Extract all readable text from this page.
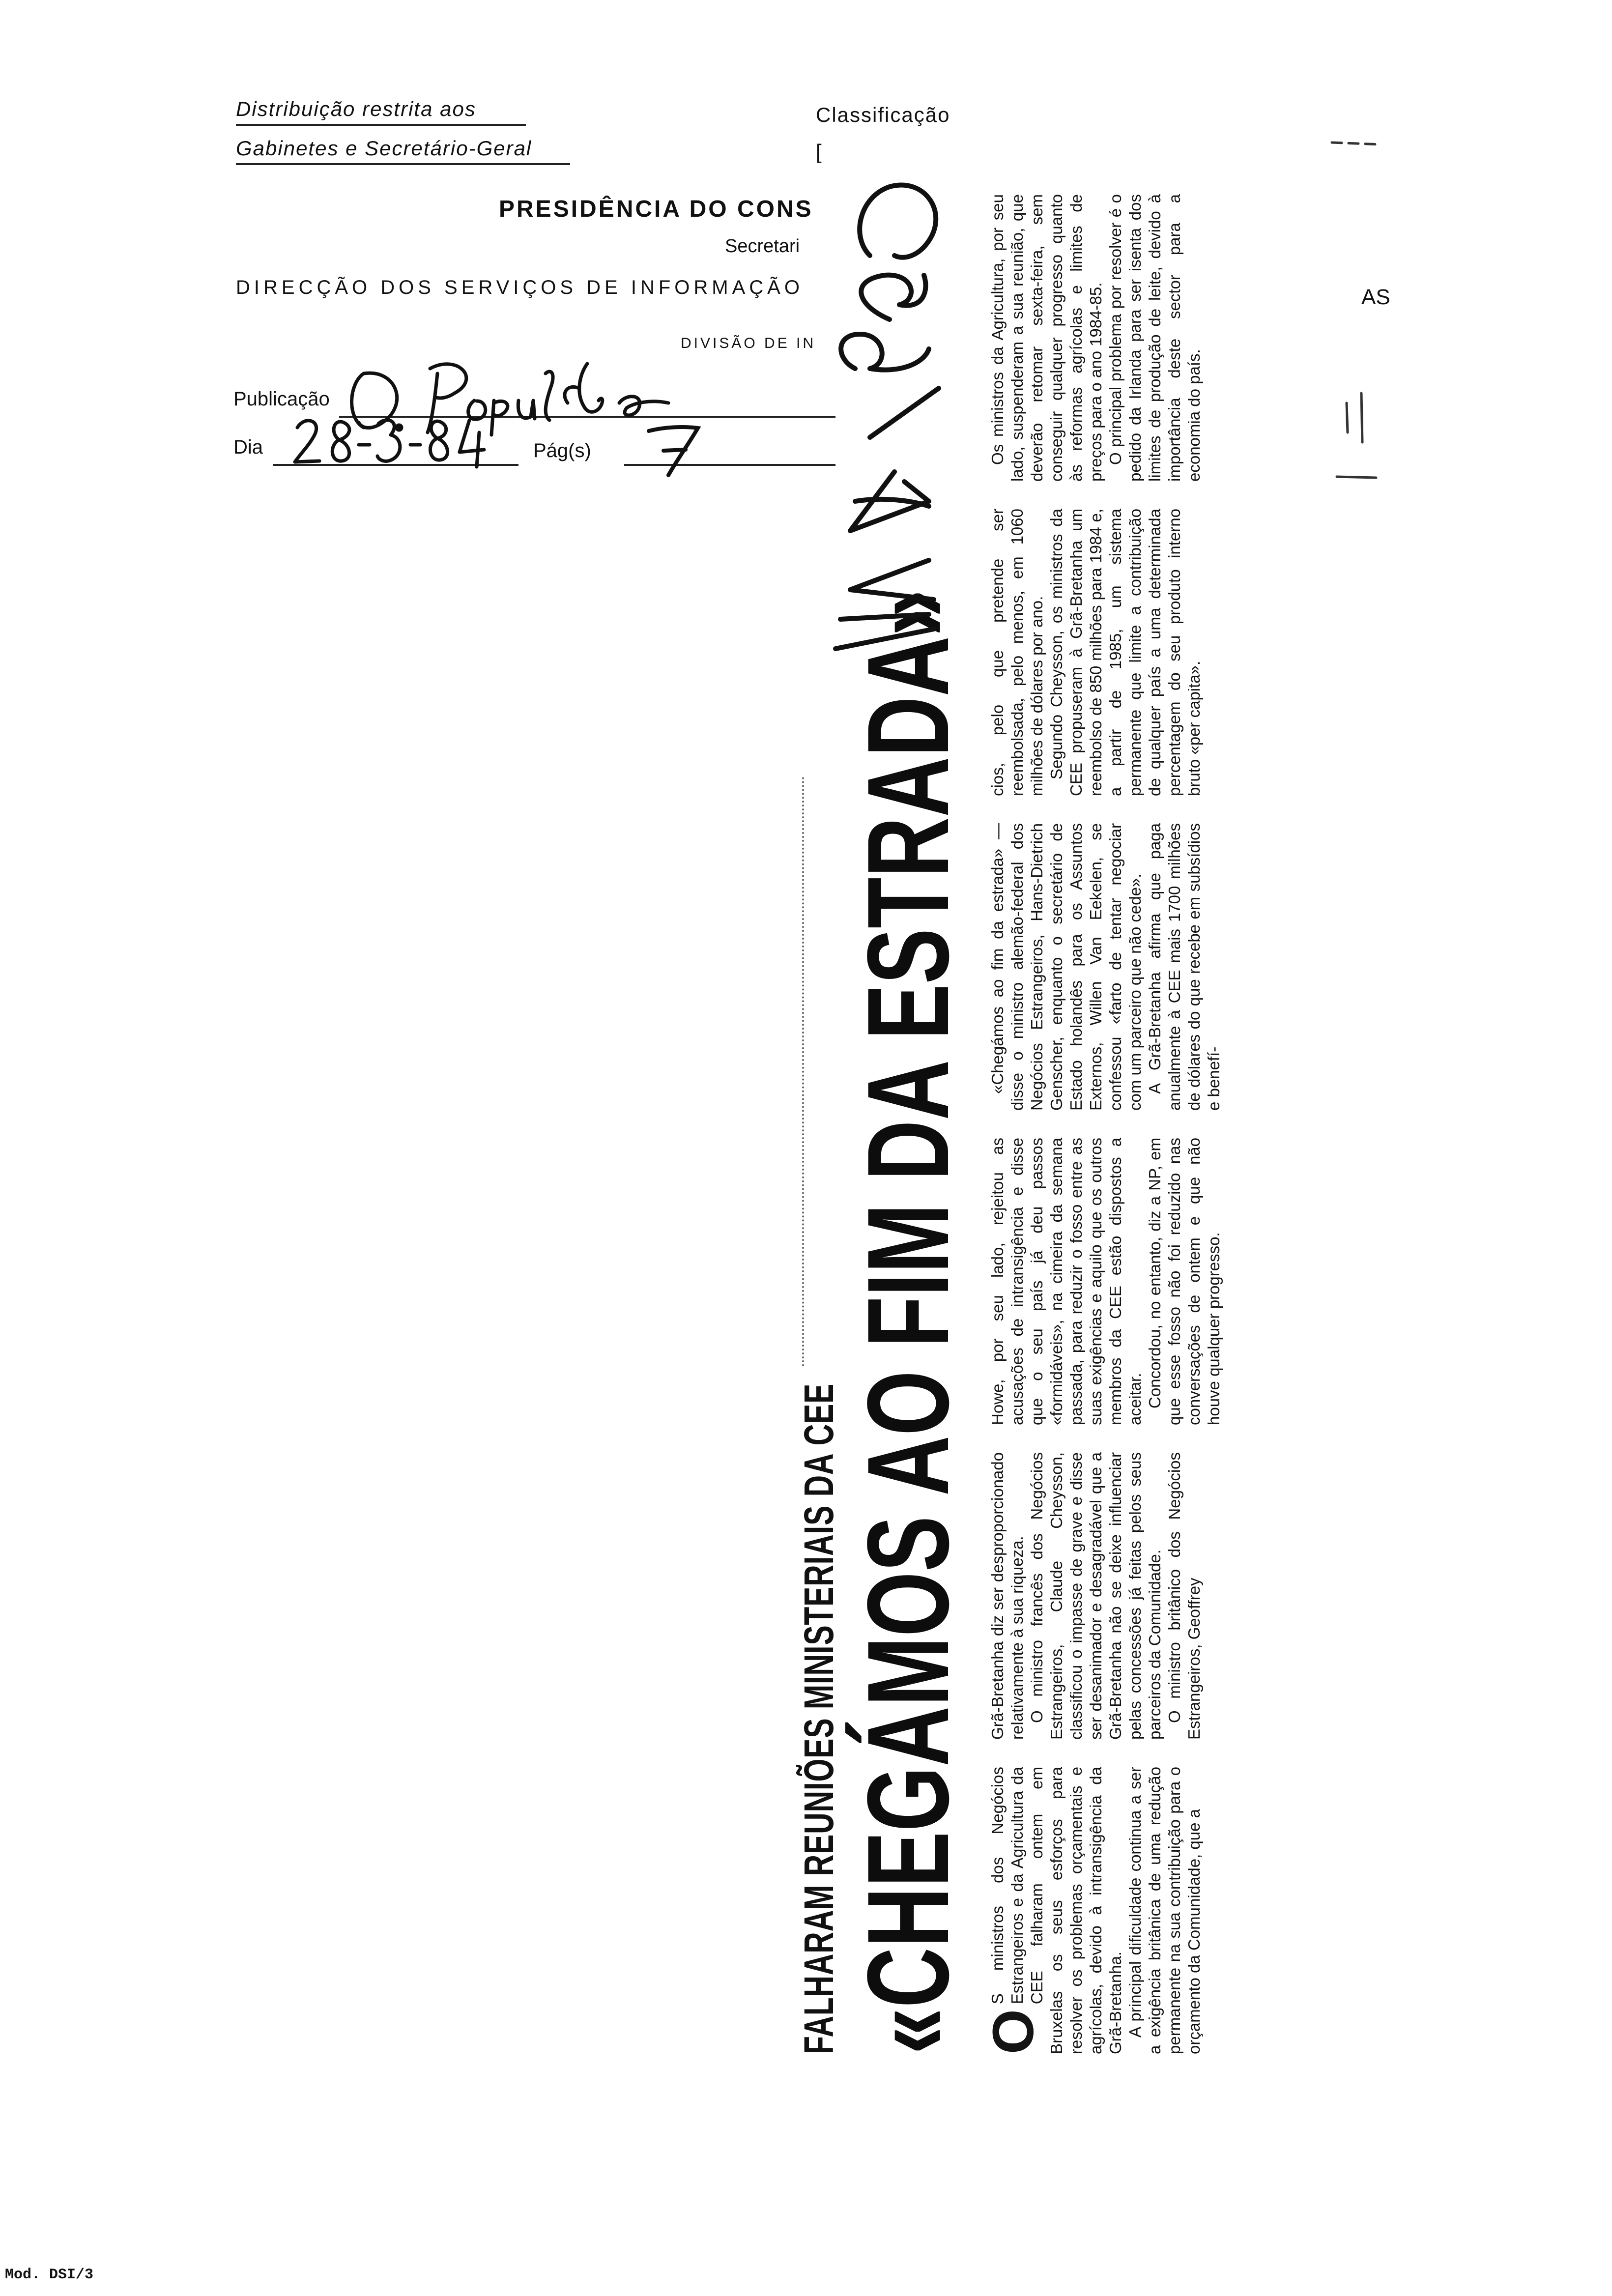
Distribuição restrita aos
Gabinetes e Secretário-Geral
Classificação
[
PRESIDÊNCIA DO CONS
Secretari
DIRECÇÃO DOS SERVIÇOS DE INFORMAÇÃO
DIVISÃO DE IN
Publicação
Dia	Pág(s)
FALHARAM REUNIÕES MINISTERIAIS DA CEE «CHEGÁMOS AO FIM DA ESTRADA» O
S ministros dos Negócios Estrangeiros e da Agricultura da CEE falharam ontem em Bruxelas os seus esforços para resolver os problemas orçamentais e agrícolas, devido à intransigência da Grã-Bretanha. A principal dificuldade continua a ser a exigência britânica de uma redução permanente na sua contribuição para o orçamento da Comunidade, que a

Grã-Bretanha diz ser desproporcionado relativamente à sua riqueza. O ministro francês dos Negócios Estrangeiros, Claude Cheysson, classificou o impasse de grave e disse ser desanimador e desagradável que a Grã-Bretanha não se deixe influenciar pelas concessões já feitas pelos seus parceiros da Comunidade. O ministro britânico dos Negócios Estrangeiros, Geoffrey

Howe, por seu lado, rejeitou as acusações de intransigência e disse que o seu país já deu passos «formidáveis», na cimeira da semana passada, para reduzir o fosso entre as suas exigências e aquilo que os outros membros da CEE estão dispostos a aceitar. Concordou, no entanto, diz a NP, em que esse fosso não foi reduzido nas conversações de ontem e que não houve qualquer progresso.

«Chegámos ao fim da estrada» — disse o ministro alemão-federal dos Negócios Estrangeiros, Hans-Dietrich Genscher, enquanto o secretário de Estado holandês para os Assuntos Externos, Willen Van Eekelen, se confessou «farto de tentar negociar com um parceiro que não cede». A Grã-Bretanha afirma que paga anualmente à CEE mais 1700 milhões de dólares do que recebe em subsídios e benefí-

cios, pelo que pretende ser reembolsada, pelo menos, em 1060 milhões de dólares por ano. Segundo Cheysson, os ministros da CEE propuseram à Grã-Bretanha um reembolso de 850 milhões para 1984 e, a partir de 1985, um sistema permanente que limite a contribuição de qualquer país a uma determinada percentagem do seu produto interno bruto «per capita».

Os ministros da Agricultura, por seu lado, suspenderam a sua reunião, que deverão retomar sexta-feira, sem conseguir qualquer progresso quanto às reformas agrícolas e limites de preços para o ano 1984-85. O principal problema por resolver é o pedido da Irlanda para ser isenta dos limites de produção de leite, devido à importância deste sector para a economia do país.

AS
Mod. DSI/3
